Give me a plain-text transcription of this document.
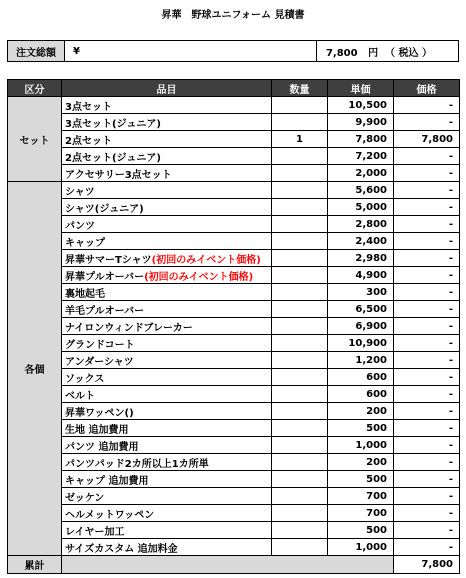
昇華　野球ユニフォーム 見積書
注文総額	¥	7,800 円 （ 税込 ）
区分	品目	数量	単価	価格
セット	3点セット		10,500	-
	3点セット(ジュニア)		9,900	-
	2点セット	1	7,800	7,800
	2点セット(ジュニア)		7,200	-
	アクセサリー3点セット		2,000	-
各個	シャツ		5,600	-
	シャツ(ジュニア)		5,000	-
	パンツ		2,800	-
	キャップ		2,400	-
	昇華サマーTシャツ(初回のみイベント価格)		2,980	-
	昇華プルオーバー(初回のみイベント価格)		4,900	-
	裏地起毛		300	-
	羊毛プルオーバー		6,500	-
	ナイロンウィンドブレーカー		6,900	-
	グランドコート		10,900	-
	アンダーシャツ		1,200	-
	ソックス		600	-
	ベルト		600	-
	昇華ワッペン()		200	-
	生地 追加費用		500	-
	パンツ 追加費用		1,000	-
	パンツパッド2カ所以上1カ所単		200	-
	キャップ 追加費用		500	-
	ゼッケン		700	-
	ヘルメットワッペン		700	-
	レイヤー加工		500	-
	サイズカスタム 追加料金		1,000	-
累計				7,800
